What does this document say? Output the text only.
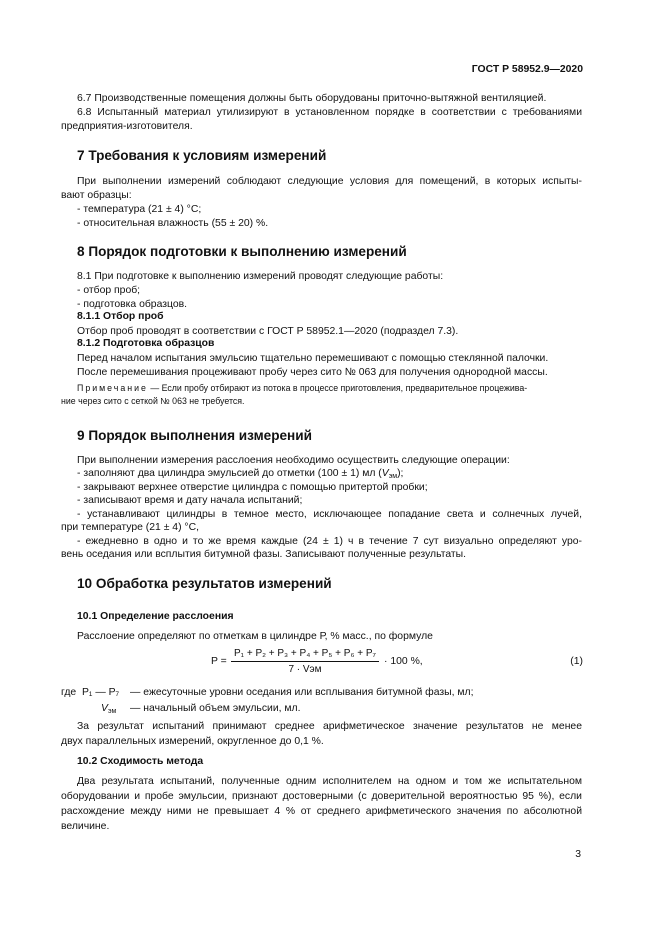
ГОСТ Р 58952.9—2020
6.7 Производственные помещения должны быть оборудованы приточно-вытяжной вентиляцией.
6.8 Испытанный материал утилизируют в установленном порядке в соответствии с требованиями
предприятия-изготовителя.
7 Требования к условиям измерений
При выполнении измерений соблюдают следующие условия для помещений, в которых испыты-
вают образцы:
- температура (21 ± 4) °С;
- относительная влажность (55 ± 20) %.
8 Порядок подготовки к выполнению измерений
8.1 При подготовке к выполнению измерений проводят следующие работы:
- отбор проб;
- подготовка образцов.
8.1.1 Отбор проб
Отбор проб проводят в соответствии с ГОСТ Р 58952.1—2020 (подраздел 7.3).
8.1.2 Подготовка образцов
Перед началом испытания эмульсию тщательно перемешивают с помощью стеклянной палочки.
После перемешивания процеживают пробу через сито № 063 для получения однородной массы.
Примечание — Если пробу отбирают из потока в процессе приготовления, предварительное процежива-
ние через сито с сеткой № 063 не требуется.
9 Порядок выполнения измерений
При выполнении измерения расслоения необходимо осуществить следующие операции:
- заполняют два цилиндра эмульсией до отметки (100 ± 1) мл $(V_{эм})$;
- закрывают верхнее отверстие цилиндра с помощью притертой пробки;
- записывают время и дату начала испытаний;
- устанавливают цилиндры в темное место, исключающее попадание света и солнечных лучей,
при температуре (21 ± 4) °С,
- ежедневно в одно и то же время каждые (24 ± 1) ч в течение 7 сут визуально определяют уро-
вень оседания или всплытия битумной фазы. Записывают полученные результаты.
10 Обработка результатов измерений
10.1 Определение расслоения
Расслоение определяют по отметкам в цилиндре Р, % масс., по формуле
P =
P₁ + P₂ + P₃ + P₄ + P₅ + P₆ + P₇
7 · Vэм
· 100 %,	(1)
где P₁ — P₇ — ежесуточные уровни оседания или всплывания битумной фазы, мл;
$V_{эм}$ — начальный объем эмульсии, мл.
За результат испытаний принимают среднее арифметическое значение результатов не менее
двух параллельных измерений, округленное до 0,1 %.
10.2 Сходимость метода
Два результата испытаний, полученные одним исполнителем на одном и том же испытательном
оборудовании и пробе эмульсии, признают достоверными (с доверительной вероятностью 95 %), если
расхождение между ними не превышает 4 % от среднего арифметического значения по абсолютной
величине.
3
